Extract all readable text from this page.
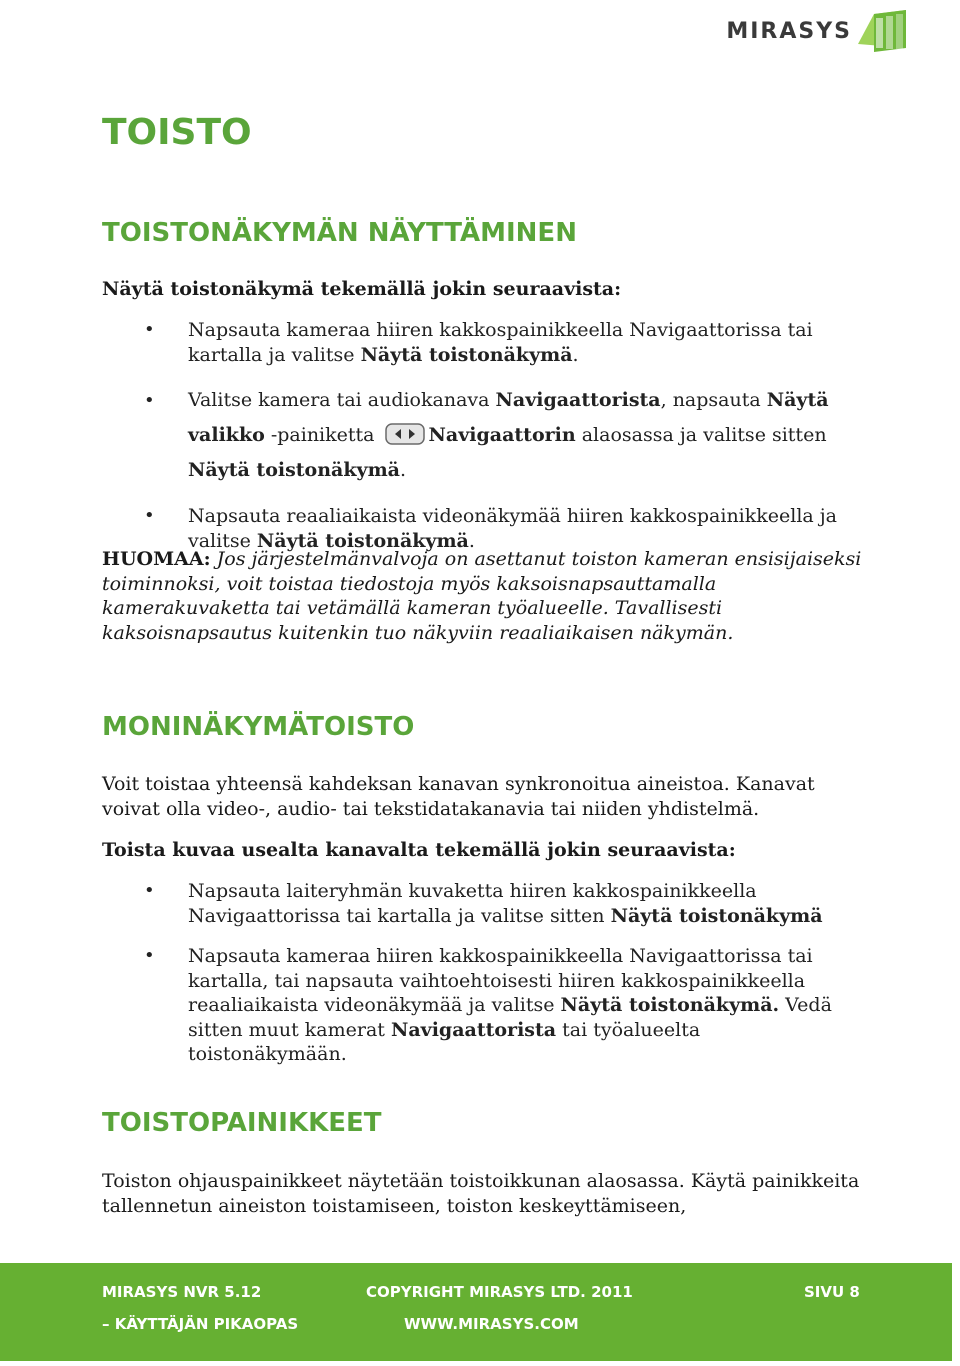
MIRASYS
TOISTO
TOISTONÄKYMÄN NÄYTTÄMINEN

Näytä toistonäkymä tekemällä jokin seuraavista:

• Napsauta kameraa hiiren kakkospainikkeella Navigaattorissa tai kartalla ja valitse Näytä toistonäkymä.
• Valitse kamera tai audiokanava Navigaattorista, napsauta Näytä valikko -painiketta	Navigaattorin alaosassa ja valitse sitten Näytä toistonäkymä.
• Napsauta reaaliaikaista videonäkymää hiiren kakkospainikkeella ja valitse Näytä toistonäkymä.

HUOMAA: Jos järjestelmänvalvoja on asettanut toiston kameran ensisijaiseksi toiminnoksi, voit toistaa tiedostoja myös kaksoisnapsauttamalla kamerakuvaketta tai vetämällä kameran työalueelle. Tavallisesti kaksoisnapsautus kuitenkin tuo näkyviin reaaliaikaisen näkymän.

MONINÄKYMÄTOISTO

Voit toistaa yhteensä kahdeksan kanavan synkronoitua aineistoa. Kanavat voivat olla video-, audio- tai tekstidatakanavia tai niiden yhdistelmä.

Toista kuvaa usealta kanavalta tekemällä jokin seuraavista:

• Napsauta laiteryhmän kuvaketta hiiren kakkospainikkeella Navigaattorissa tai kartalla ja valitse sitten Näytä toistonäkymä
• Napsauta kameraa hiiren kakkospainikkeella Navigaattorissa tai kartalla, tai napsauta vaihtoehtoisesti hiiren kakkospainikkeella reaaliaikaista videonäkymää ja valitse Näytä toistonäkymä. Vedä sitten muut kamerat Navigaattorista tai työalueelta toistonäkymään.
TOISTOPAINIKKEET

Toiston ohjauspainikkeet näytetään toistoikkunan alaosassa. Käytä painikkeita tallennetun aineiston toistamiseen, toiston keskeyttämiseen,

MIRASYS NVR 5.12
– KÄYTTÄJÄN PIKAOPAS
COPYRIGHT MIRASYS LTD. 2011
WWW.MIRASYS.COM
SIVU 8
